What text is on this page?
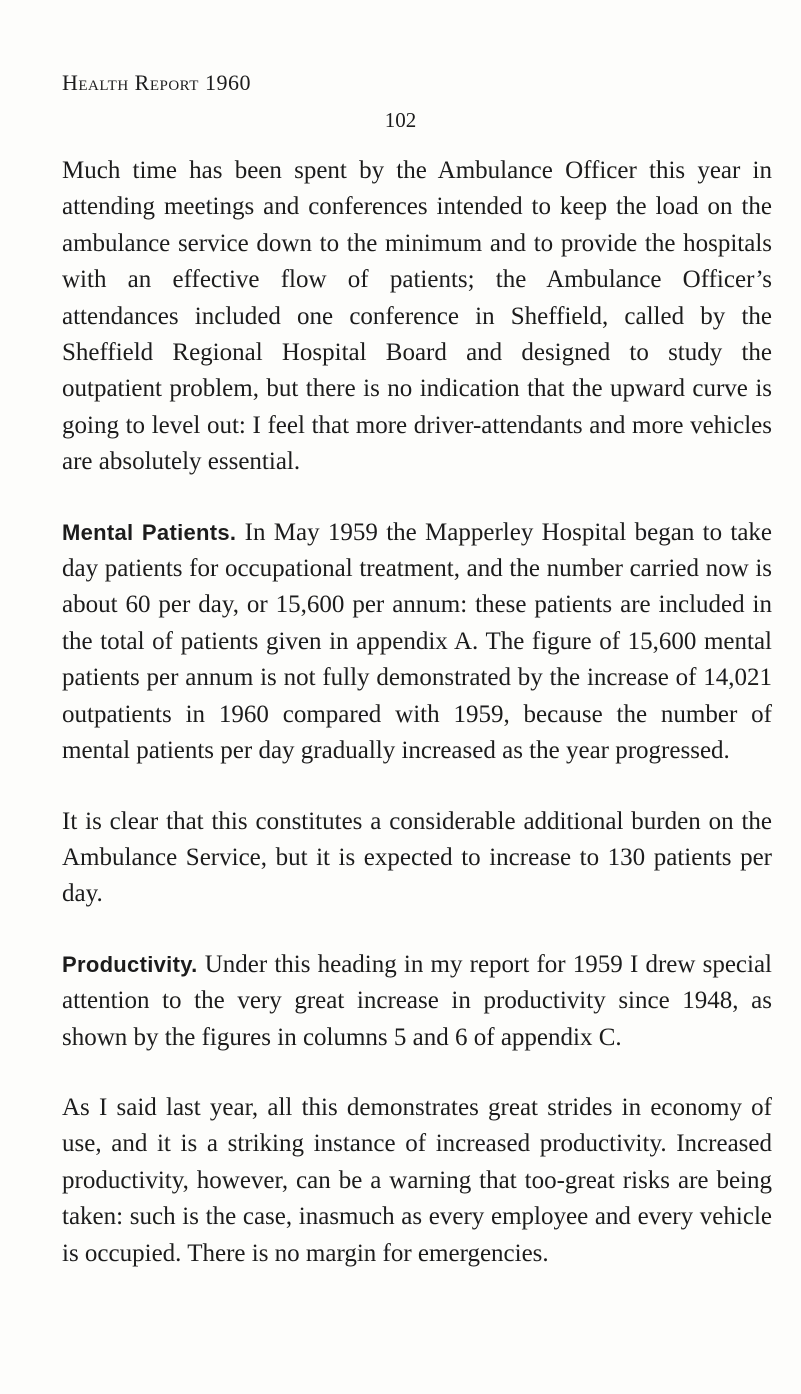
Health Report 1960

102

Much time has been spent by the Ambulance Officer this year in attending meetings and conferences intended to keep the load on the ambulance service down to the minimum and to provide the hospitals with an effective flow of patients; the Ambulance Officer’s attendances included one conference in Sheffield, called by the Sheffield Regional Hospital Board and designed to study the outpatient problem, but there is no indication that the upward curve is going to level out: I feel that more driver-attendants and more vehicles are absolutely essential.

Mental Patients. In May 1959 the Mapperley Hospital began to take day patients for occupational treatment, and the number carried now is about 60 per day, or 15,600 per annum: these patients are included in the total of patients given in appendix A. The figure of 15,600 mental patients per annum is not fully demonstrated by the increase of 14,021 outpatients in 1960 compared with 1959, because the number of mental patients per day gradually increased as the year progressed.

It is clear that this constitutes a considerable additional burden on the Ambulance Service, but it is expected to increase to 130 patients per day.

Productivity. Under this heading in my report for 1959 I drew special attention to the very great increase in productivity since 1948, as shown by the figures in columns 5 and 6 of appendix C.

As I said last year, all this demonstrates great strides in economy of use, and it is a striking instance of increased productivity. Increased productivity, however, can be a warning that too-great risks are being taken: such is the case, inasmuch as every employee and every vehicle is occupied. There is no margin for emergencies.
